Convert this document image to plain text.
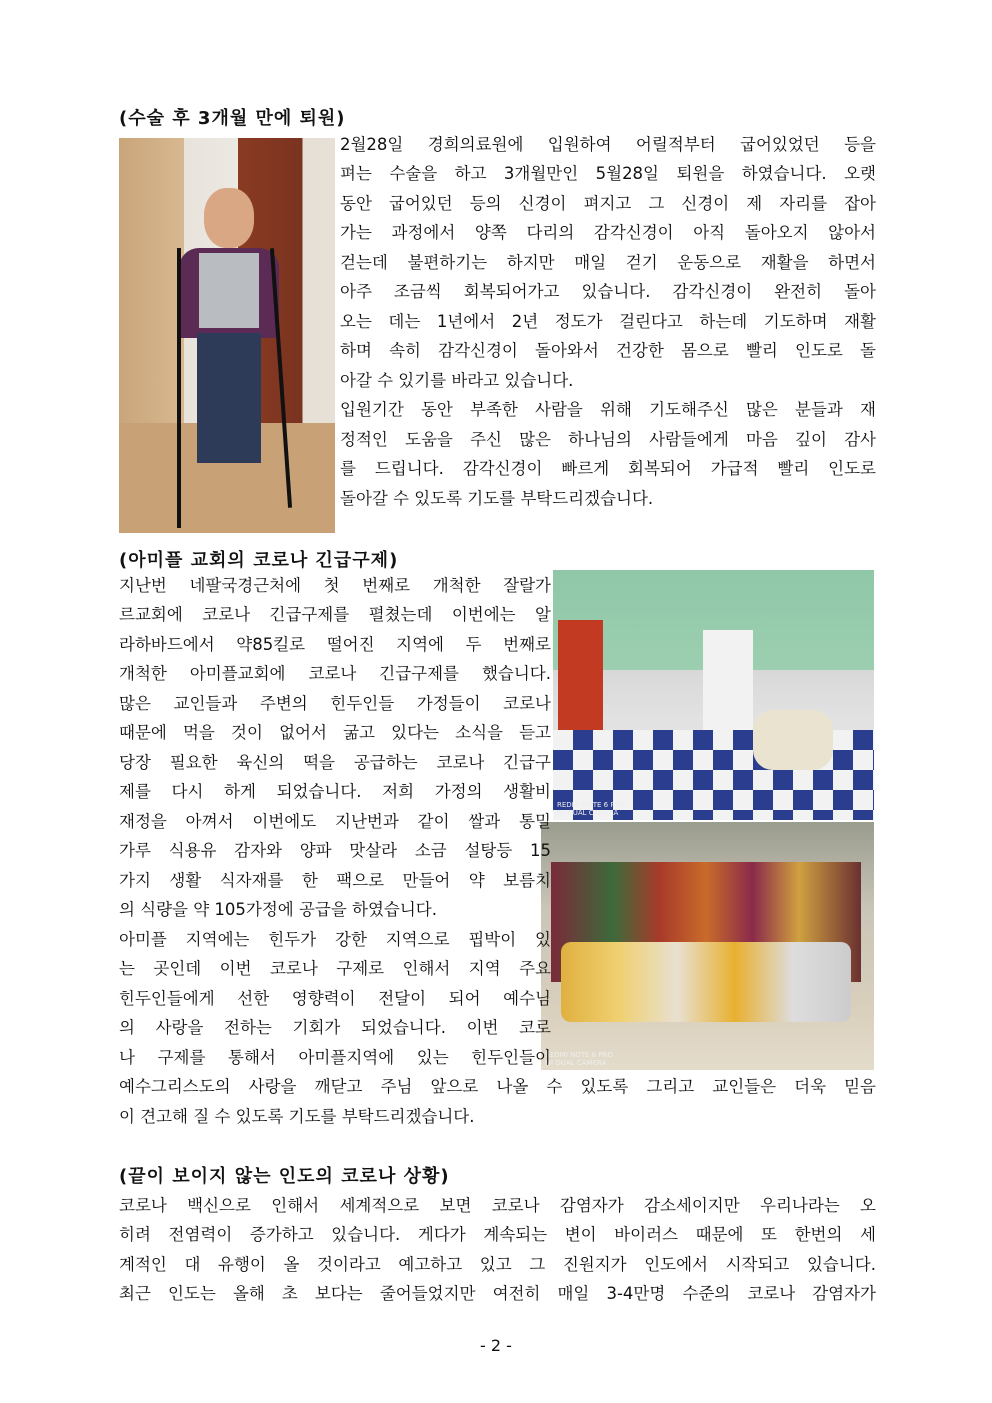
(수술 후 3개월 만에 퇴원)
2월28일 경희의료원에 입원하여 어릴적부터 굽어있었던 등을
펴는 수술을 하고 3개월만인 5월28일 퇴원을 하였습니다. 오랫
동안 굽어있던 등의 신경이 펴지고 그 신경이 제 자리를 잡아
가는 과정에서 양쪽 다리의 감각신경이 아직 돌아오지 않아서
걷는데 불편하기는 하지만 매일 걷기 운동으로 재활을 하면서
아주 조금씩 회복되어가고 있습니다. 감각신경이 완전히 돌아
오는 데는 1년에서 2년 정도가 걸린다고 하는데 기도하며 재활
하며 속히 감각신경이 돌아와서 건강한 몸으로 빨리 인도로 돌
아갈 수 있기를 바라고 있습니다.
입원기간 동안 부족한 사람을 위해 기도해주신 많은 분들과 재
정적인 도움을 주신 많은 하나님의 사람들에게 마음 깊이 감사
를 드립니다. 감각신경이 빠르게 회복되어 가급적 빨리 인도로
돌아갈 수 있도록 기도를 부탁드리겠습니다.
(아미플 교회의 코로나 긴급구제)
REDMI NOTE 6 PRO
MI DUAL CAMERA
REDMI NOTE 6 PRO
MI DUAL CAMERA
지난번 네팔국경근처에 첫 번째로 개척한 잘랄가
르교회에 코로나 긴급구제를 펼쳤는데 이번에는 알
라하바드에서 약85킬로 떨어진 지역에 두 번째로
개척한 아미플교회에 코로나 긴급구제를 했습니다.
많은 교인들과 주변의 힌두인들 가정들이 코로나
때문에 먹을 것이 없어서 굶고 있다는 소식을 듣고
당장 필요한 육신의 떡을 공급하는 코로나 긴급구
제를 다시 하게 되었습니다. 저희 가정의 생활비
재정을 아껴서 이번에도 지난번과 같이 쌀과 통밀
가루 식용유 감자와 양파 맛살라 소금 설탕등 15
가지 생활 식자재를 한 팩으로 만들어 약 보름치
의 식량을 약 105가정에 공급을 하였습니다.
아미플 지역에는 힌두가 강한 지역으로 핍박이 있
는 곳인데 이번 코로나 구제로 인해서 지역 주요
힌두인들에게 선한 영향력이 전달이 되어 예수님
의 사랑을 전하는 기회가 되었습니다. 이번 코로
나 구제를 통해서 아미플지역에 있는 힌두인들이
예수그리스도의 사랑을 깨닫고 주님 앞으로 나올 수 있도록 그리고 교인들은 더욱 믿음
이 견고해 질 수 있도록 기도를 부탁드리겠습니다.
(끝이 보이지 않는 인도의 코로나 상황)
코로나 백신으로 인해서 세계적으로 보면 코로나 감염자가 감소세이지만 우리나라는 오
히려 전염력이 증가하고 있습니다. 게다가 계속되는 변이 바이러스 때문에 또 한번의 세
계적인 대 유행이 올 것이라고 예고하고 있고 그 진원지가 인도에서 시작되고 있습니다.
최근 인도는 올해 초 보다는 줄어들었지만 여전히 매일 3-4만명 수준의 코로나 감염자가
- 2 -
